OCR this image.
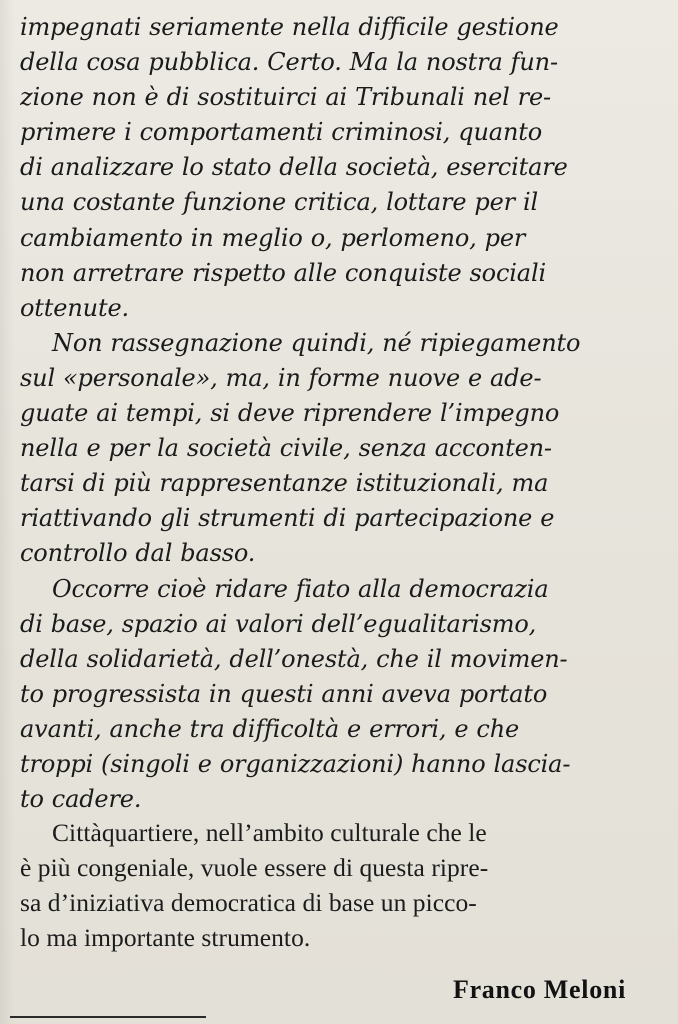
impegnati seriamente nella difficile gestione
della cosa pubblica. Certo. Ma la nostra fun-
zione non è di sostituirci ai Tribunali nel re-
primere i comportamenti criminosi, quanto
di analizzare lo stato della società, esercitare
una costante funzione critica, lottare per il
cambiamento in meglio o, perlomeno, per
non arretrare rispetto alle conquiste sociali
ottenute.
Non rassegnazione quindi, né ripiegamento
sul «personale», ma, in forme nuove e ade-
guate ai tempi, si deve riprendere l’impegno
nella e per la società civile, senza acconten-
tarsi di più rappresentanze istituzionali, ma
riattivando gli strumenti di partecipazione e
controllo dal basso.
Occorre cioè ridare fiato alla democrazia
di base, spazio ai valori dell’egualitarismo,
della solidarietà, dell’onestà, che il movimen-
to progressista in questi anni aveva portato
avanti, anche tra difficoltà e errori, e che
troppi (singoli e organizzazioni) hanno lascia-
to cadere.
Cittàquartiere, nell’ambito culturale che le
è più congeniale, vuole essere di questa ripre-
sa d’iniziativa democratica di base un picco-
lo ma importante strumento.
Franco Meloni
